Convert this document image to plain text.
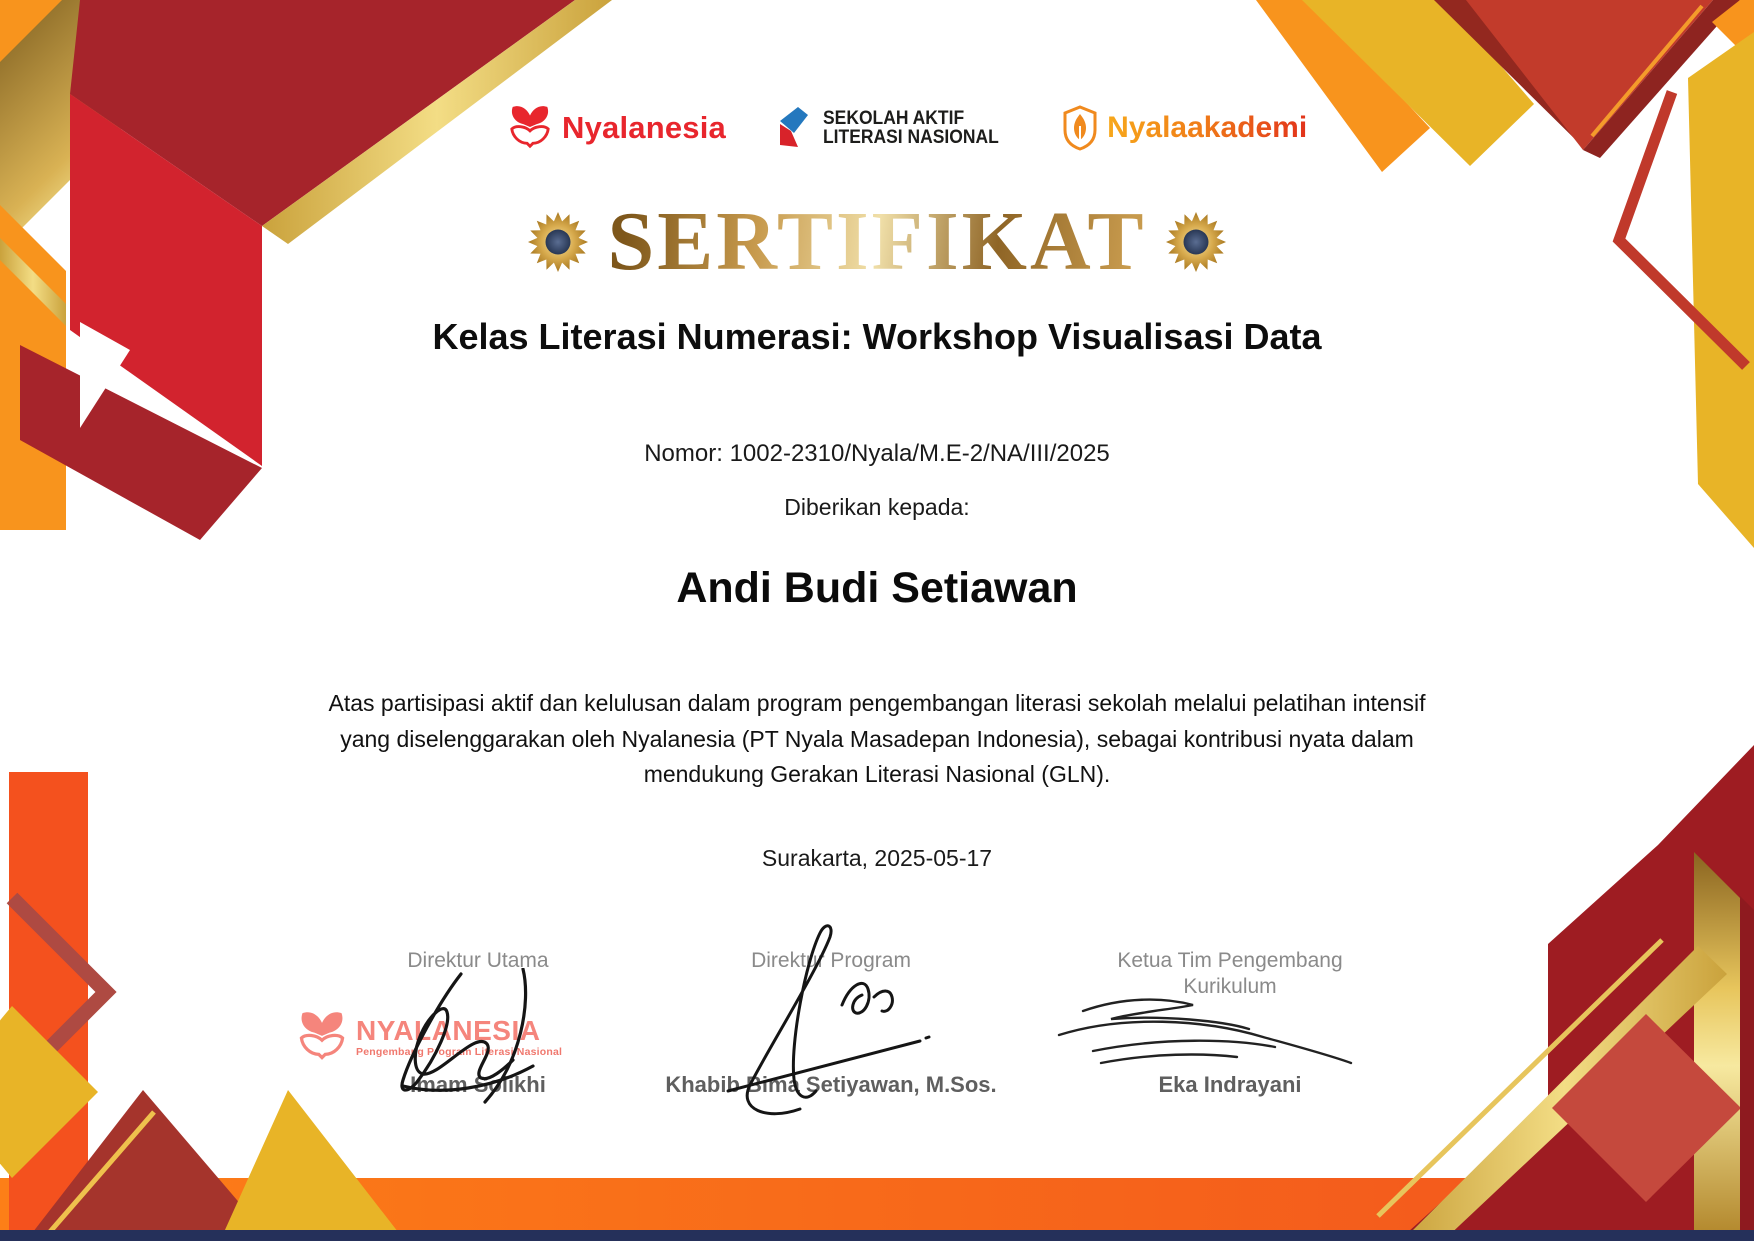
Nyalanesia	SEKOLAH AKTIF
LITERASI NASIONAL	Nyalaakademi
SERTIFIKAT
Kelas Literasi Numerasi: Workshop Visualisasi Data
Nomor: 1002-2310/Nyala/M.E-2/NA/III/2025
Diberikan kepada:
Andi Budi Setiawan

Atas partisipasi aktif dan kelulusan dalam program pengembangan literasi sekolah melalui pelatihan intensif yang diselenggarakan oleh Nyalanesia (PT Nyala Masadepan Indonesia), sebagai kontribusi nyata dalam mendukung Gerakan Literasi Nasional (GLN).

Surakarta, 2025-05-17
NYALANESIA
Pengembang Program Literasi Nasional
Direktur Utama	Direktur Program	Ketua Tim Pengembang Kurikulum
Imam Solikhi	Khabib Bima Setiyawan, M.Sos.	Eka Indrayani
